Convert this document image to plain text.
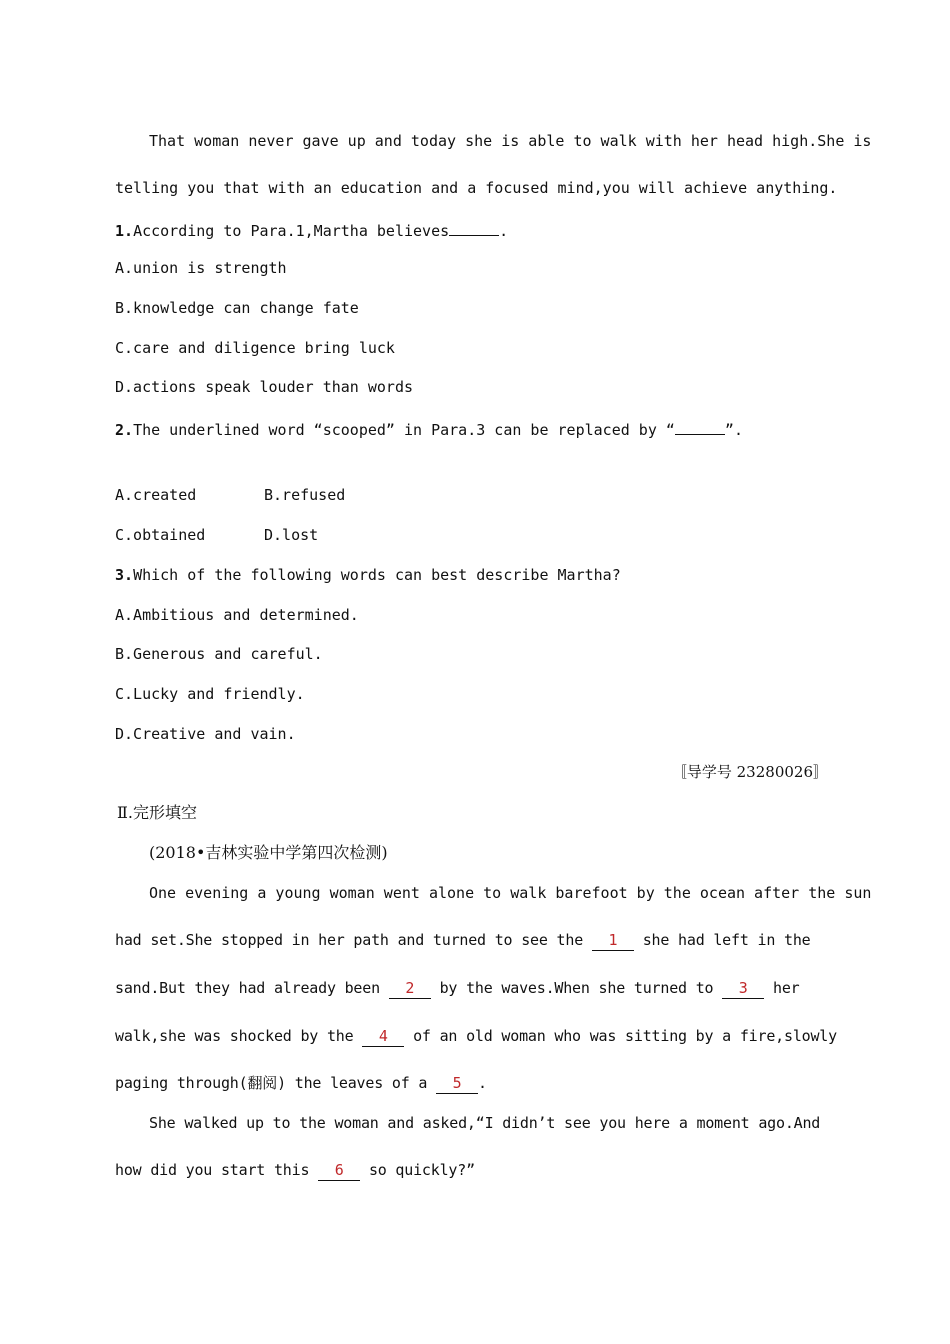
That woman never gave up and today she is able to walk with her head high.She is
telling you that with an education and a focused mind,you will achieve anything.
1.According to Para.1,Martha believes	.
A.union is strength
B.knowledge can change fate
C.care and diligence bring luck
D.actions speak louder than words
2.The underlined word “scooped” in Para.3 can be replaced by “	”.
A.created	B.refused
C.obtained	D.lost
3.Which of the following words can best describe Martha?
A.Ambitious and determined.
B.Generous and careful.
C.Lucky and friendly.
D.Creative and vain.
〚导学号 23280026〛
Ⅱ.完形填空
(2018•吉林实验中学第四次检测)
One evening a young woman went alone to walk barefoot by the ocean after the sun
had set.She stopped in her path and turned to see the 1 she had left in the
sand.But they had already been 2 by the waves.When she turned to 3 her
walk,she was shocked by the 4 of an old woman who was sitting by a fire,slowly
paging through(翻阅) the leaves of a 5 .
She walked up to the woman and asked,“I didn’t see you here a moment ago.And
how did you start this 6 so quickly?”
